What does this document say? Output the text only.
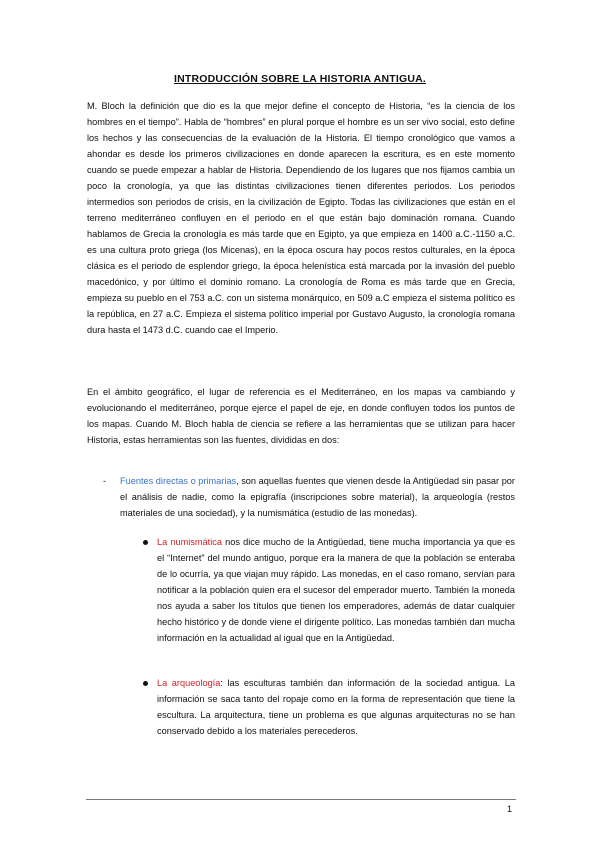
INTRODUCCIÓN SOBRE LA HISTORIA ANTIGUA.

M. Bloch la definición que dio es la que mejor define el concepto de Historia, “es la ciencia de los hombres en el tiempo”. Habla de “hombres” en plural porque el hombre es un ser vivo social, esto define los hechos y las consecuencias de la evaluación de la Historia. El tiempo cronológico que vamos a ahondar es desde los primeros civilizaciones en donde aparecen la escritura, es en este momento cuando se puede empezar a hablar de Historia. Dependiendo de los lugares que nos fijamos cambia un poco la cronología, ya que las distintas civilizaciones tienen diferentes periodos. Los periodos intermedios son periodos de crisis, en la civilización de Egipto. Todas las civilizaciones que están en el terreno mediterráneo confluyen en el periodo en el que están bajo dominación romana. Cuando hablamos de Grecia la cronología es más tarde que en Egipto, ya que empieza en 1400 a.C.-1150 a.C. es una cultura proto griega (los Micenas), en la época oscura hay pocos restos culturales, en la época clásica es el periodo de esplendor griego, la época helenística está marcada por la invasión del pueblo macedónico, y por último el dominio romano. La cronología de Roma es más tarde que en Grecia, empieza su pueblo en el 753 a.C. con un sistema monárquico, en 509 a.C empieza el sistema político es la república, en 27 a.C. Empieza el sistema político imperial por Gustavo Augusto, la cronología romana dura hasta el 1473 d.C. cuando cae el Imperio.

En el ámbito geográfico, el lugar de referencia es el Mediterráneo, en los mapas va cambiando y evolucionando el mediterráneo, porque ejerce el papel de eje, en donde confluyen todos los puntos de los mapas. Cuando M. Bloch habla de ciencia se refiere a las herramientas que se utilizan para hacer Historia, estas herramientas son las fuentes, divididas en dos:

- Fuentes directas o primarias, son aquellas fuentes que vienen desde la Antigüedad sin pasar por el análisis de nadie, como la epigrafía (inscripciones sobre material), la arqueología (restos materiales de una sociedad), y la numismática (estudio de las monedas).

La numismática nos dice mucho de la Antigüedad, tiene mucha importancia ya que es el “Internet” del mundo antiguo, porque era la manera de que la población se enteraba de lo ocurría, ya que viajan muy rápido. Las monedas, en el caso romano, servían para notificar a la población quien era el sucesor del emperador muerto. También la moneda nos ayuda a saber los títulos que tienen los emperadores, además de datar cualquier hecho histórico y de donde viene el dirigente político. Las monedas también dan mucha información en la actualidad al igual que en la Antigüedad.

La arqueología: las esculturas también dan información de la sociedad antigua. La información se saca tanto del ropaje como en la forma de representación que tiene la escultura. La arquitectura, tiene un problema es que algunas arquitecturas no se han conservado debido a los materiales perecederos.

1
